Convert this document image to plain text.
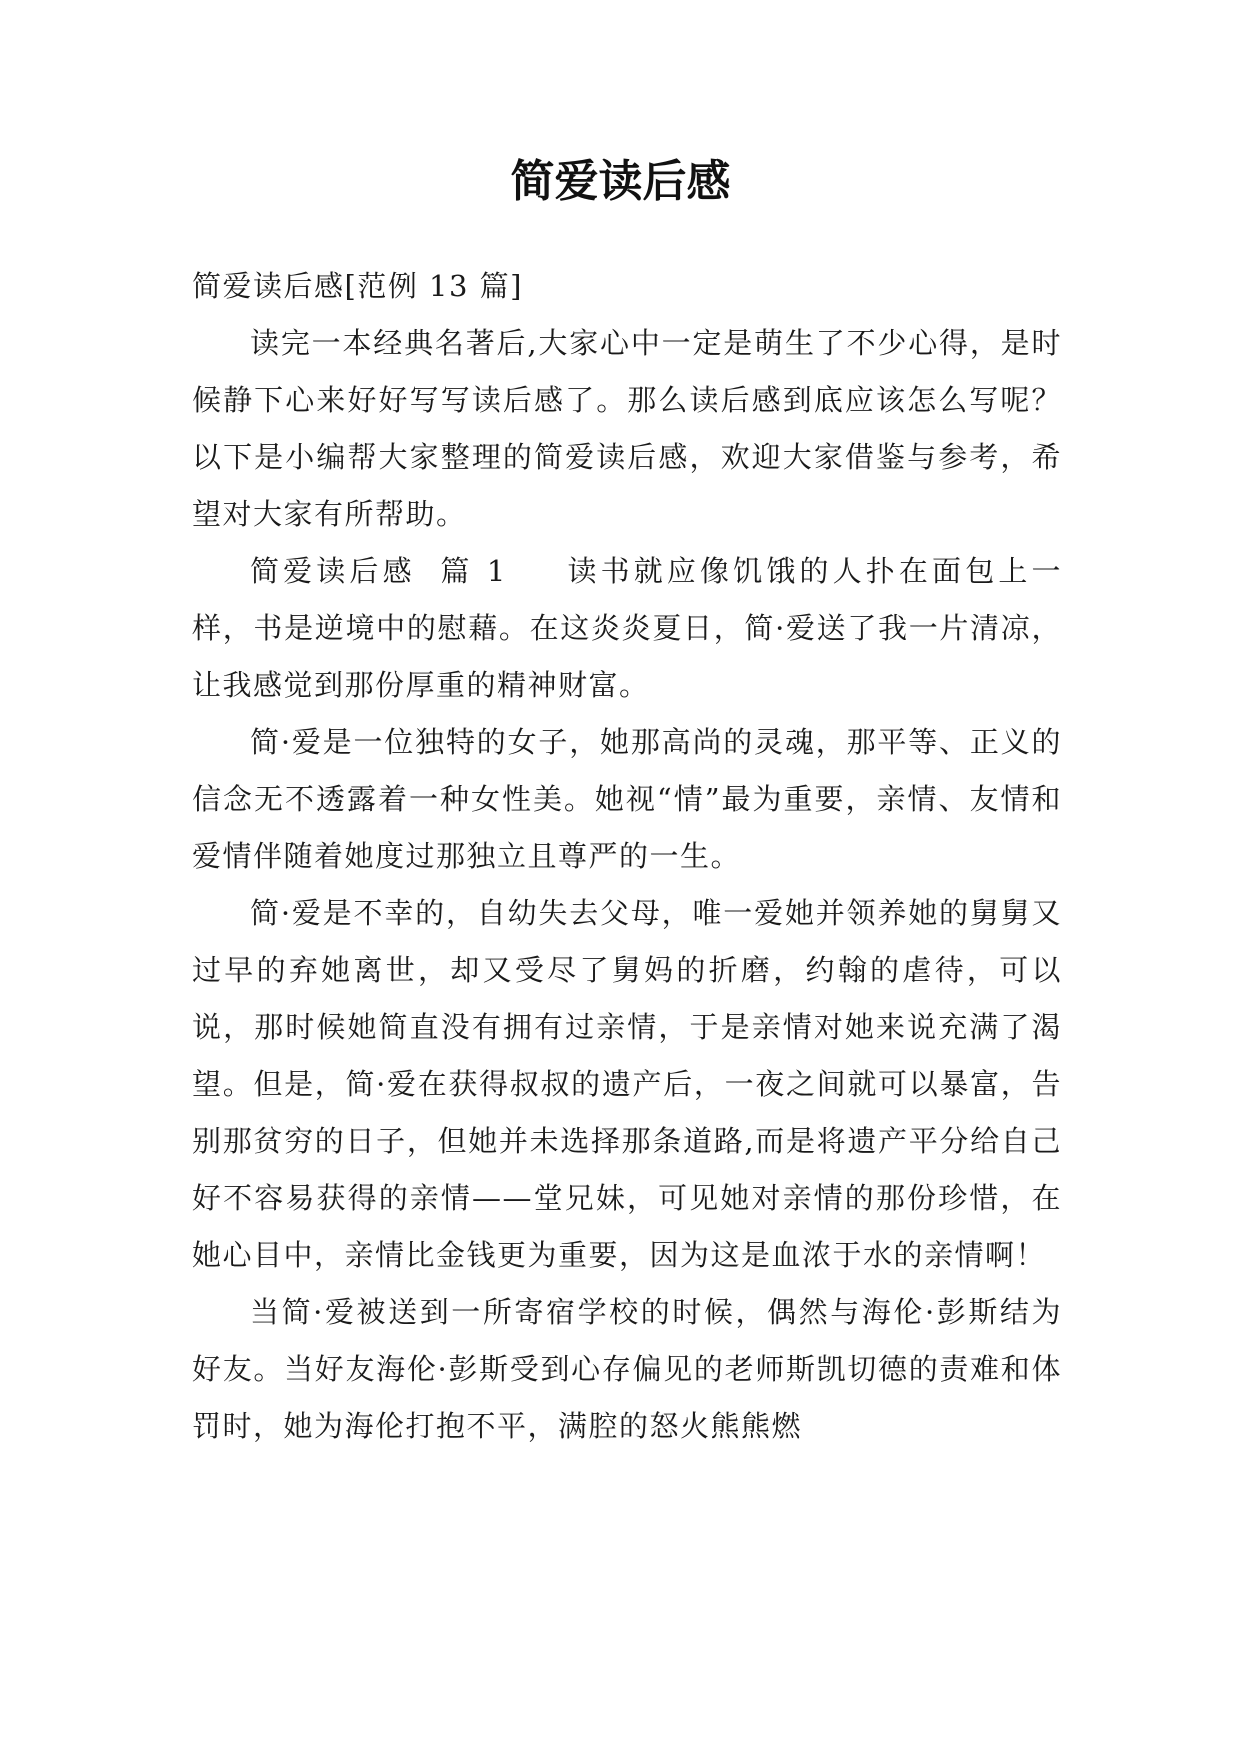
简爱读后感

简爱读后感[范例 13 篇]

读完一本经典名著后,大家心中一定是萌生了不少心得，是时候静下心来好好写写读后感了。那么读后感到底应该怎么写呢？以下是小编帮大家整理的简爱读后感，欢迎大家借鉴与参考，希望对大家有所帮助。

简爱读后感 篇 1 读书就应像饥饿的人扑在面包上一样，书是逆境中的慰藉。在这炎炎夏日，简·爱送了我一片清凉，让我感觉到那份厚重的精神财富。

简·爱是一位独特的女子，她那高尚的灵魂，那平等、正义的信念无不透露着一种女性美。她视“情”最为重要，亲情、友情和爱情伴随着她度过那独立且尊严的一生。

简·爱是不幸的，自幼失去父母，唯一爱她并领养她的舅舅又过早的弃她离世，却又受尽了舅妈的折磨，约翰的虐待，可以说，那时候她简直没有拥有过亲情，于是亲情对她来说充满了渴望。但是，简·爱在获得叔叔的遗产后，一夜之间就可以暴富，告别那贫穷的日子，但她并未选择那条道路,而是将遗产平分给自己好不容易获得的亲情——堂兄妹，可见她对亲情的那份珍惜，在她心目中，亲情比金钱更为重要，因为这是血浓于水的亲情啊！

当简·爱被送到一所寄宿学校的时候，偶然与海伦·彭斯结为好友。当好友海伦·彭斯受到心存偏见的老师斯凯切德的责难和体罚时，她为海伦打抱不平，满腔的怒火熊熊燃
